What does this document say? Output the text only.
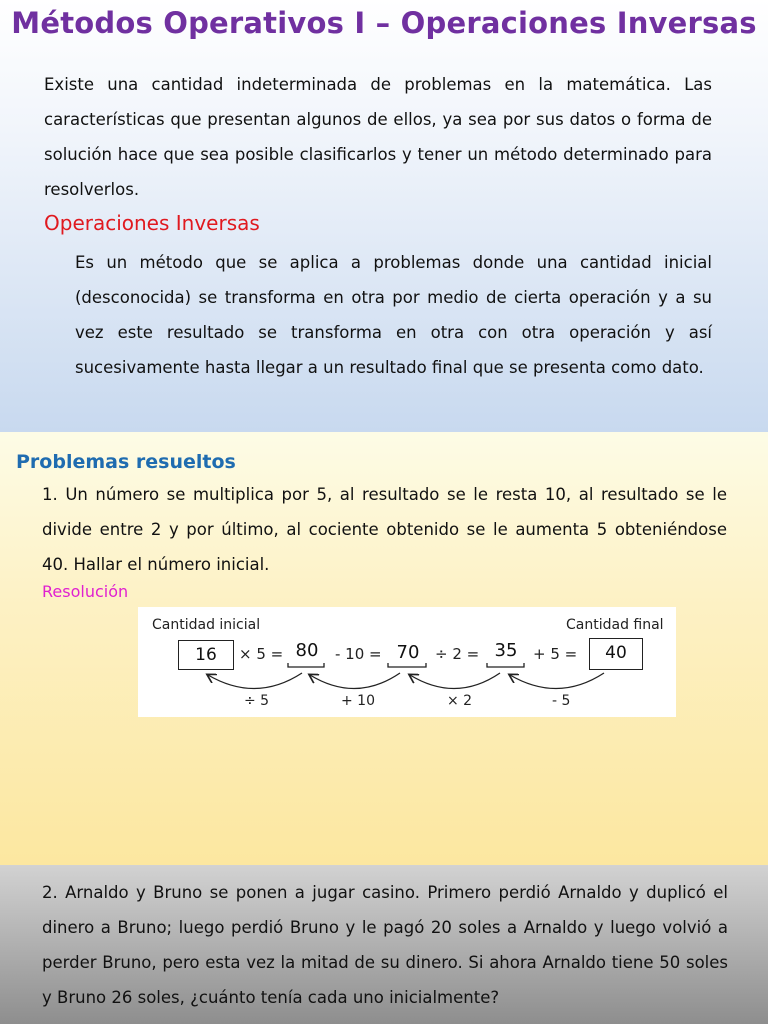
Métodos Operativos I – Operaciones Inversas

Existe una cantidad indeterminada de problemas en la matemática. Las características que presentan algunos de ellos, ya sea por sus datos o forma de solución hace que sea posible clasificarlos y tener un método determinado para resolverlos.

Operaciones Inversas

Es un método que se aplica a problemas donde una cantidad inicial (desconocida) se transforma en otra por medio de cierta operación y a su vez este resultado se transforma en otra con otra operación y así sucesivamente hasta llegar a un resultado final que se presenta como dato.

Problemas resueltos

1. Un número se multiplica por 5, al resultado se le resta 10, al resultado se le divide entre 2 y por último, al cociente obtenido se le aumenta 5 obteniéndose 40. Hallar el número inicial.

Resolución
Cantidad inicial	Cantidad final
16	× 5 = 80	- 10 = 70	÷ 2 = 35	+ 5 =	40
÷ 5	+ 10	× 2	- 5

2. Arnaldo y Bruno se ponen a jugar casino. Primero perdió Arnaldo y duplicó el dinero a Bruno; luego perdió Bruno y le pagó 20 soles a Arnaldo y luego volvió a perder Bruno, pero esta vez la mitad de su dinero. Si ahora Arnaldo tiene 50 soles y Bruno 26 soles, ¿cuánto tenía cada uno inicialmente?
